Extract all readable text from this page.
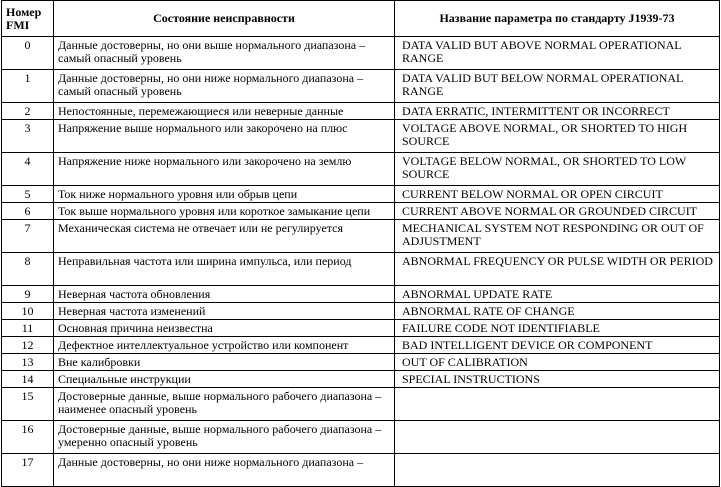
Номер FMI	Состояние неисправности	Название параметра по стандарту J1939-73
0	Данные достоверны, но они выше нормального диапазона – самый опасный уровень	DATA VALID BUT ABOVE NORMAL OPERATIONAL RANGE
1	Данные достоверны, но они ниже нормального диапазона – самый опасный уровень	DATA VALID BUT BELOW NORMAL OPERATIONAL RANGE
2	Непостоянные, перемежающиеся или неверные данные	DATA ERRATIC, INTERMITTENT OR INCORRECT
3	Напряжение выше нормального или закорочено на плюс	VOLTAGE ABOVE NORMAL, OR SHORTED TO HIGH SOURCE
4	Напряжение ниже нормального или закорочено на землю	VOLTAGE BELOW NORMAL, OR SHORTED TO LOW SOURCE
5	Ток ниже нормального уровня или обрыв цепи	CURRENT BELOW NORMAL OR OPEN CIRCUIT
6	Ток выше нормального уровня или короткое замыкание цепи	CURRENT ABOVE NORMAL OR GROUNDED CIRCUIT
7	Механическая система не отвечает или не регулируется	MECHANICAL SYSTEM NOT RESPONDING OR OUT OF ADJUSTMENT
8	Неправильная частота или ширина импульса, или период	ABNORMAL FREQUENCY OR PULSE WIDTH OR PERIOD
9	Неверная частота обновления	ABNORMAL UPDATE RATE
10	Неверная частота изменений	ABNORMAL RATE OF CHANGE
11	Основная причина неизвестна	FAILURE CODE NOT IDENTIFIABLE
12	Дефектное интеллектуальное устройство или компонент	BAD INTELLIGENT DEVICE OR COMPONENT
13	Вне калибровки	OUT OF CALIBRATION
14	Специальные инструкции	SPECIAL INSTRUCTIONS
15	Достоверные данные, выше нормального рабочего диапазона – наименее опасный уровень	
16	Достоверные данные, выше нормального рабочего диапазона – умеренно опасный уровень	
17	Данные достоверны, но они ниже нормального диапазона –	
